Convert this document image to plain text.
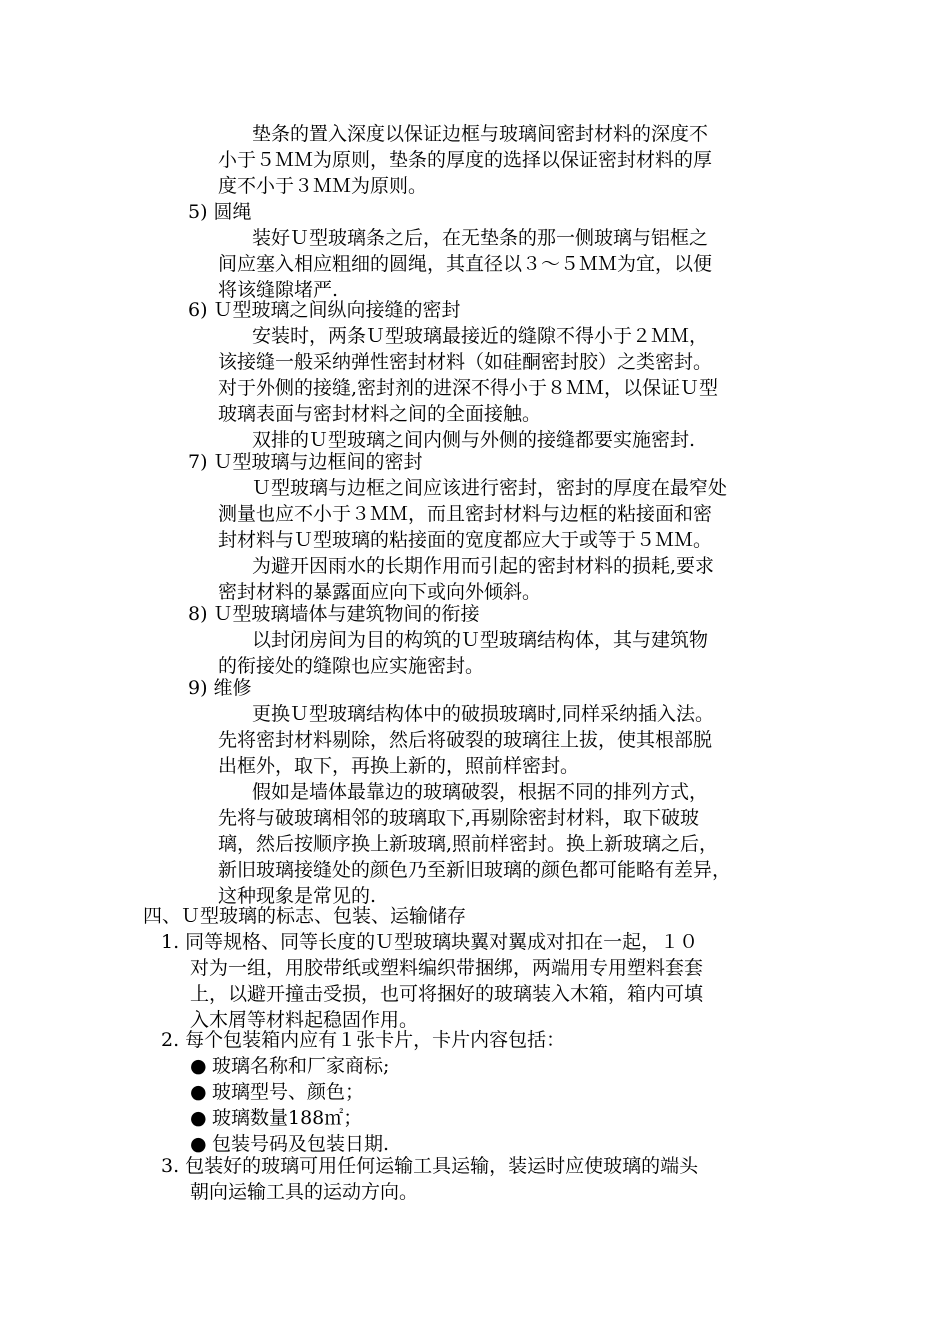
垫条的置入深度以保证边框与玻璃间密封材料的深度不
小于５ＭＭ为原则，垫条的厚度的选择以保证密封材料的厚
度不小于３ＭＭ为原则。
5) 圆绳
装好Ｕ型玻璃条之后，在无垫条的那一侧玻璃与铝框之
间应塞入相应粗细的圆绳，其直径以３～５ＭＭ为宜，以便
将该缝隙堵严.
6) Ｕ型玻璃之间纵向接缝的密封
安装时，两条Ｕ型玻璃最接近的缝隙不得小于２ＭＭ，
该接缝一般采纳弹性密封材料（如硅酮密封胶）之类密封。
对于外侧的接缝,密封剂的进深不得小于８ＭＭ，以保证Ｕ型
玻璃表面与密封材料之间的全面接触。
双排的Ｕ型玻璃之间内侧与外侧的接缝都要实施密封.
7) Ｕ型玻璃与边框间的密封
Ｕ型玻璃与边框之间应该进行密封，密封的厚度在最窄处
测量也应不小于３ＭＭ，而且密封材料与边框的粘接面和密
封材料与Ｕ型玻璃的粘接面的宽度都应大于或等于５ＭＭ。
为避开因雨水的长期作用而引起的密封材料的损耗,要求
密封材料的暴露面应向下或向外倾斜。
8) Ｕ型玻璃墙体与建筑物间的衔接
以封闭房间为目的构筑的Ｕ型玻璃结构体，其与建筑物
的衔接处的缝隙也应实施密封。
9) 维修
更换Ｕ型玻璃结构体中的破损玻璃时,同样采纳插入法。
先将密封材料剔除，然后将破裂的玻璃往上拔，使其根部脱
出框外，取下，再换上新的，照前样密封。
假如是墙体最靠边的玻璃破裂，根据不同的排列方式，
先将与破玻璃相邻的玻璃取下,再剔除密封材料，取下破玻
璃，然后按顺序换上新玻璃,照前样密封。换上新玻璃之后，
新旧玻璃接缝处的颜色乃至新旧玻璃的颜色都可能略有差异，
这种现象是常见的.
四、Ｕ型玻璃的标志、包装、运输储存
1. 同等规格、同等长度的Ｕ型玻璃块翼对翼成对扣在一起，１０
对为一组，用胶带纸或塑料编织带捆绑，两端用专用塑料套套
上，以避开撞击受损，也可将捆好的玻璃装入木箱，箱内可填
入木屑等材料起稳固作用。
2. 每个包装箱内应有１张卡片，卡片内容包括：
● 玻璃名称和厂家商标;
● 玻璃型号、颜色；
● 玻璃数量188㎡；
● 包装号码及包装日期.
3. 包装好的玻璃可用任何运输工具运输，装运时应使玻璃的端头
朝向运输工具的运动方向。
